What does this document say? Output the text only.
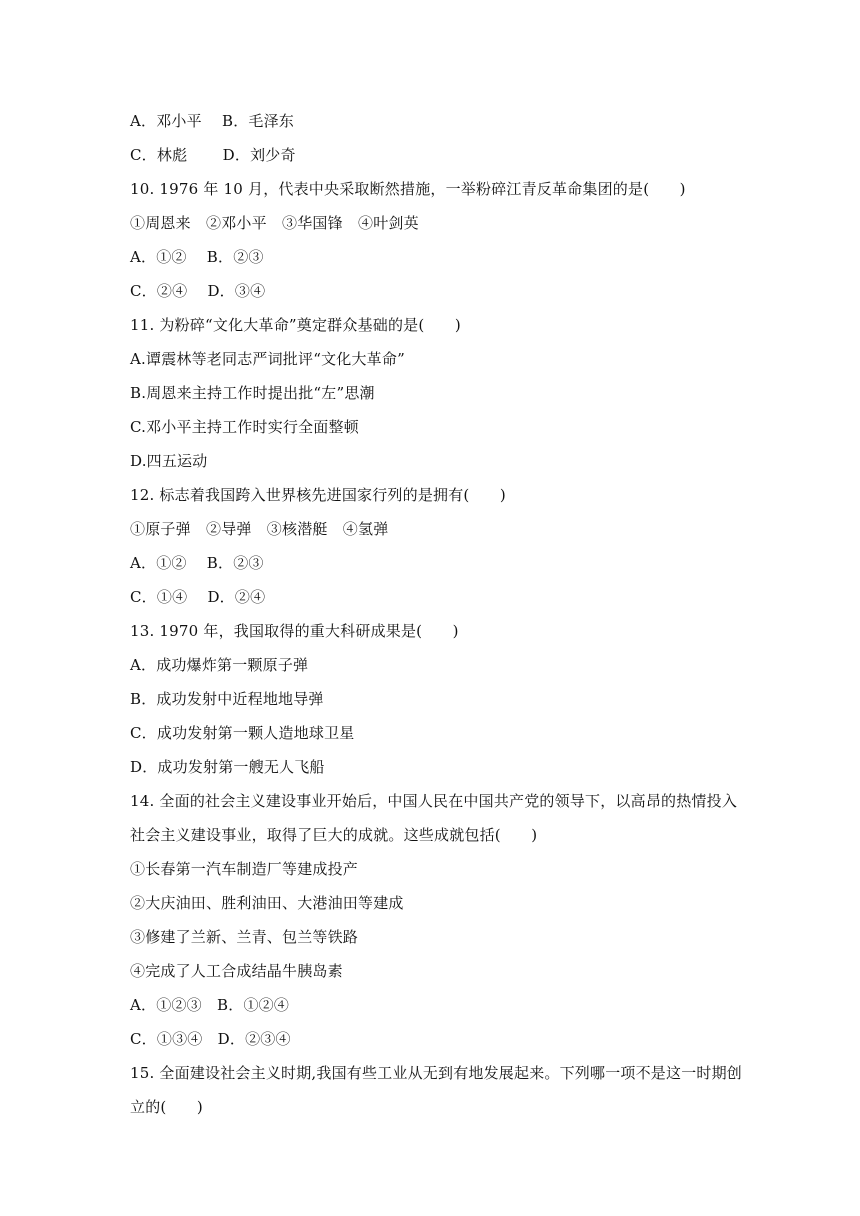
A．邓小平　 B．毛泽东
C．林彪　　 D．刘少奇
10. 1976 年 10 月，代表中央采取断然措施，一举粉碎江青反革命集团的是(　　)
①周恩来　②邓小平　③华国锋　④叶剑英
A．①②　 B．②③
C．②④　 D．③④
11. 为粉碎“文化大革命”奠定群众基础的是(　　)
A.谭震林等老同志严词批评“文化大革命”
B.周恩来主持工作时提出批“左”思潮
C.邓小平主持工作时实行全面整顿
D.四五运动
12. 标志着我国跨入世界核先进国家行列的是拥有(　　)
①原子弹　②导弹　③核潜艇　④氢弹
A．①②　 B．②③
C．①④　 D．②④
13. 1970 年，我国取得的重大科研成果是(　　)
A．成功爆炸第一颗原子弹
B．成功发射中近程地地导弹
C．成功发射第一颗人造地球卫星
D．成功发射第一艘无人飞船
14. 全面的社会主义建设事业开始后，中国人民在中国共产党的领导下，以高昂的热情投入
社会主义建设事业，取得了巨大的成就。这些成就包括(　　)
①长春第一汽车制造厂等建成投产
②大庆油田、胜利油田、大港油田等建成
③修建了兰新、兰青、包兰等铁路
④完成了人工合成结晶牛胰岛素
A．①②③　B．①②④
C．①③④　D．②③④
15. 全面建设社会主义时期,我国有些工业从无到有地发展起来。下列哪一项不是这一时期创
立的(　　)
